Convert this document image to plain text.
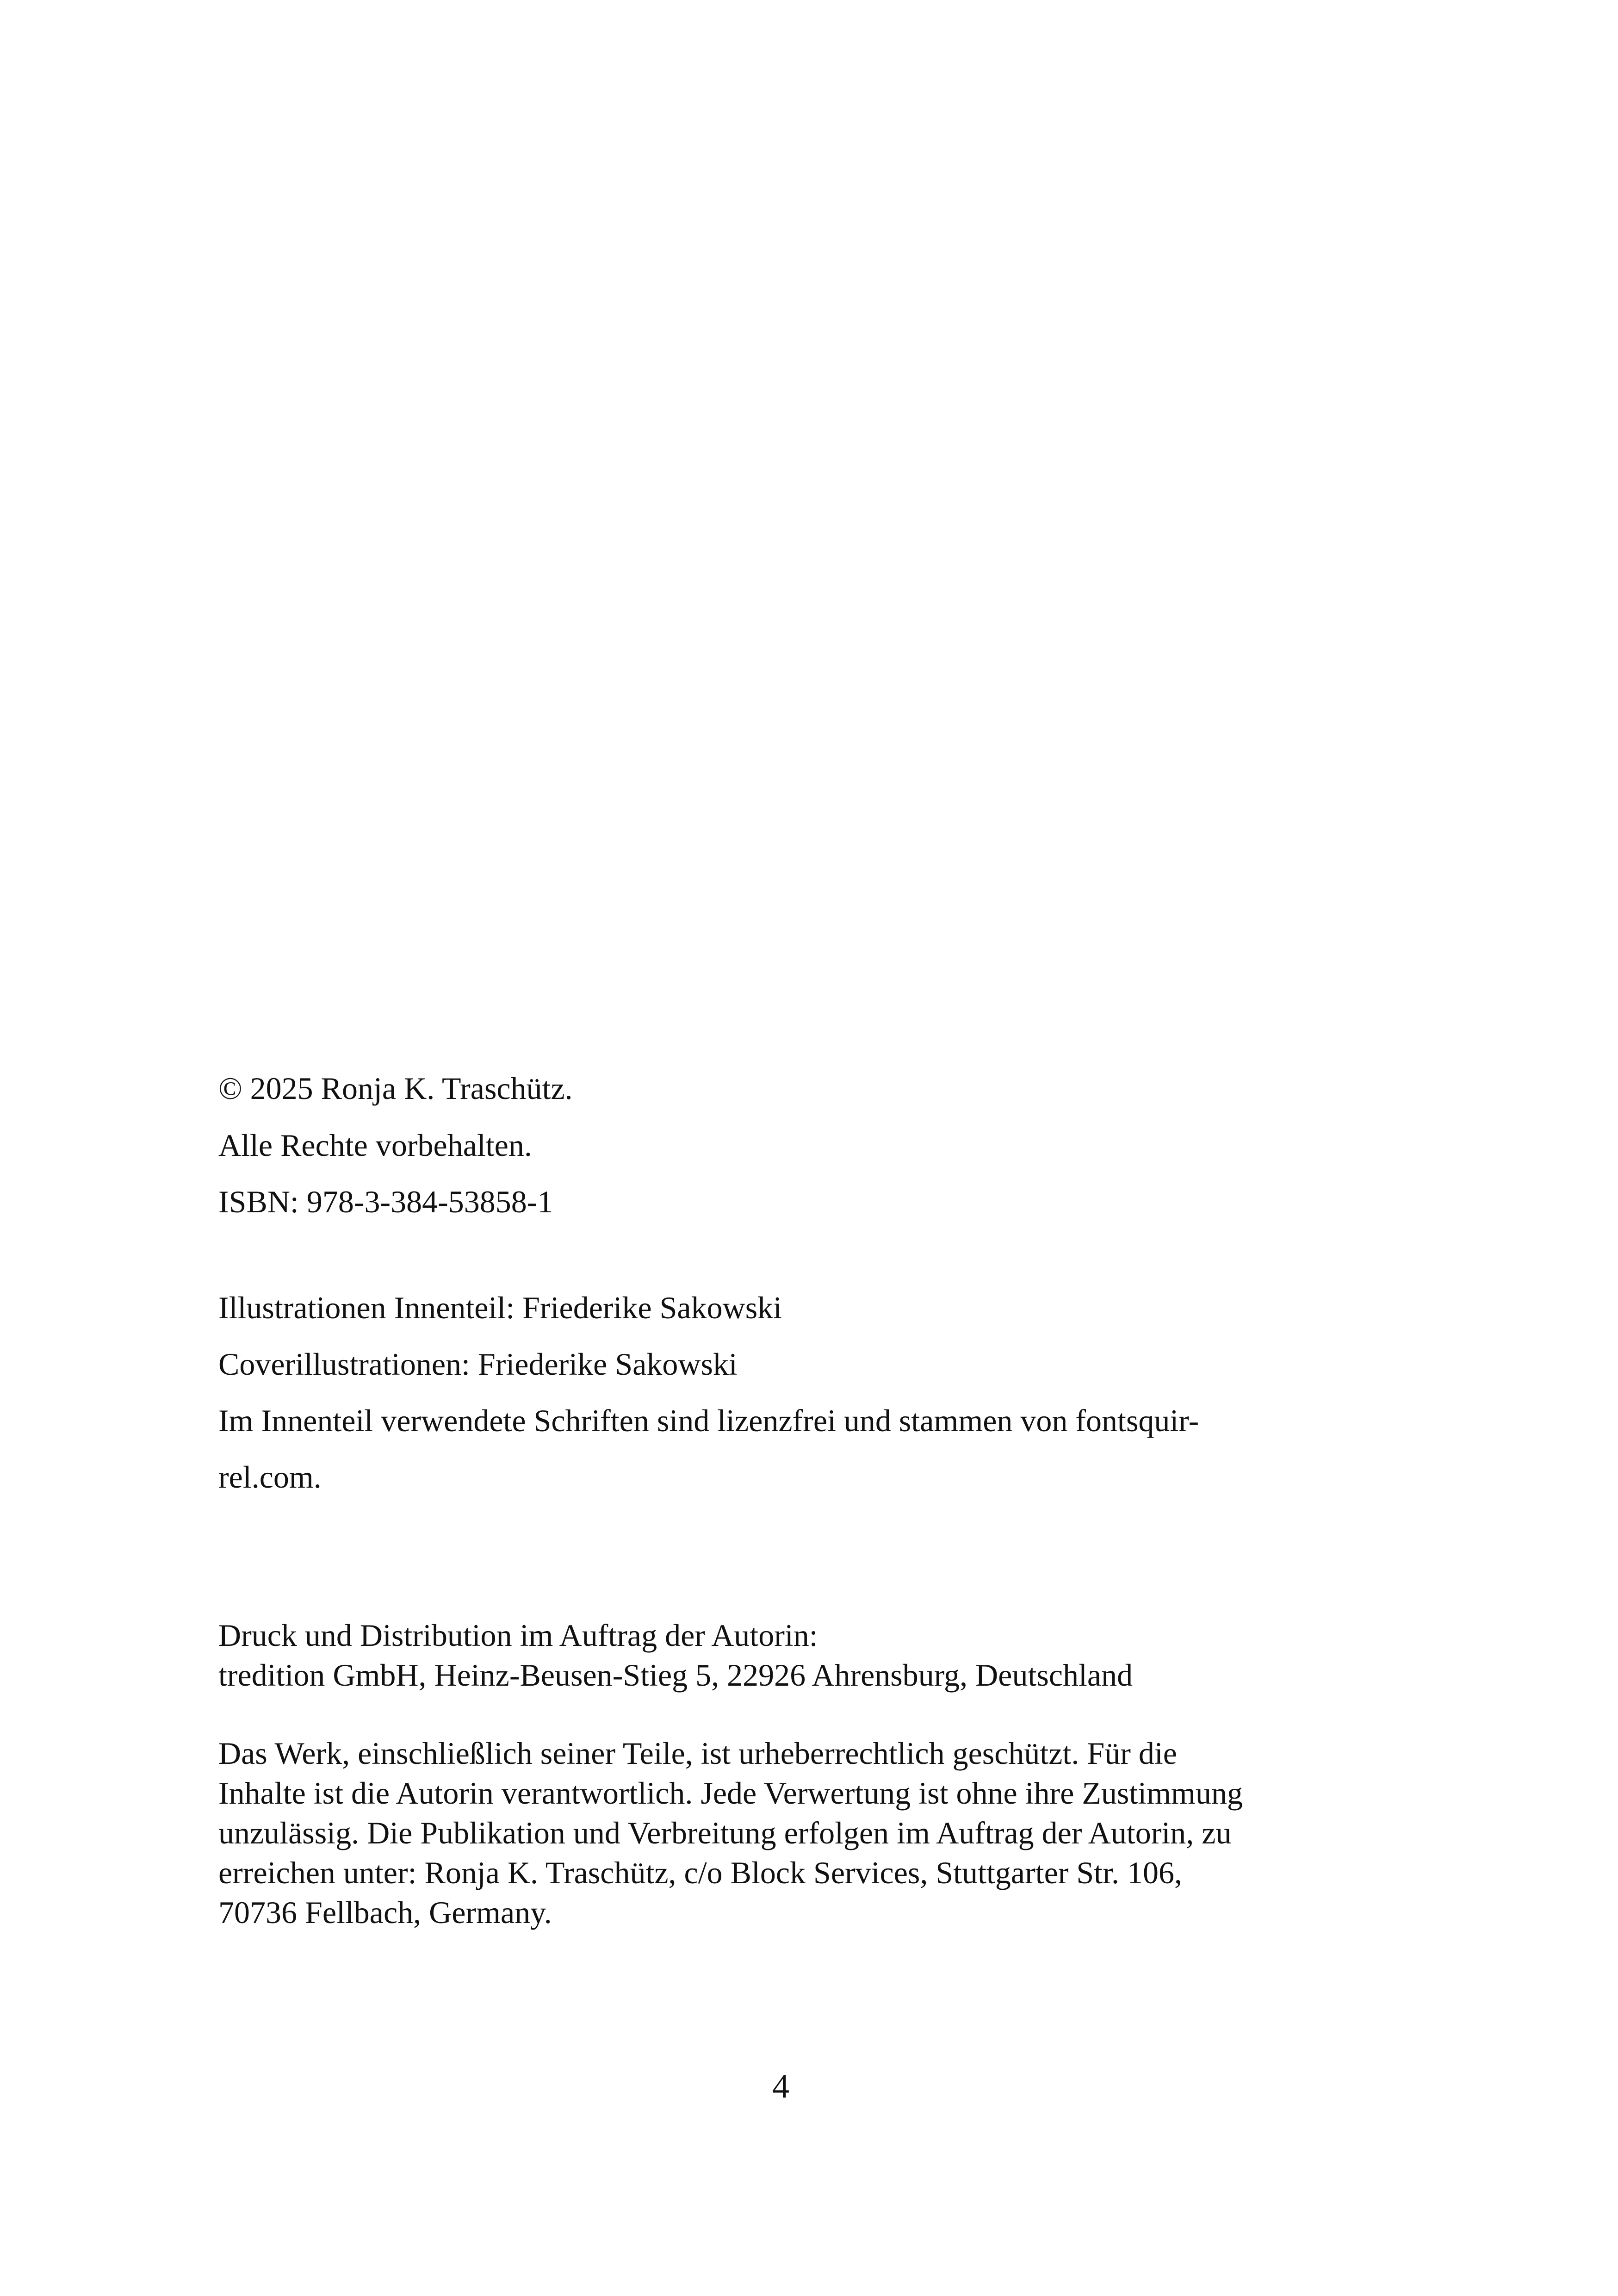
© 2025 Ronja K. Traschütz.
Alle Rechte vorbehalten.
ISBN: 978-3-384-53858-1
Illustrationen Innenteil: Friederike Sakowski
Coverillustrationen: Friederike Sakowski
Im Innenteil verwendete Schriften sind lizenzfrei und stammen von fontsquir-
rel.com.
Druck und Distribution im Auftrag der Autorin:
tredition GmbH, Heinz-Beusen-Stieg 5, 22926 Ahrensburg, Deutschland
Das Werk, einschließlich seiner Teile, ist urheberrechtlich geschützt. Für die
Inhalte ist die Autorin verantwortlich. Jede Verwertung ist ohne ihre Zustimmung
unzulässig. Die Publikation und Verbreitung erfolgen im Auftrag der Autorin, zu
erreichen unter: Ronja K. Traschütz, c/o Block Services, Stuttgarter Str. 106,
70736 Fellbach, Germany.
4
